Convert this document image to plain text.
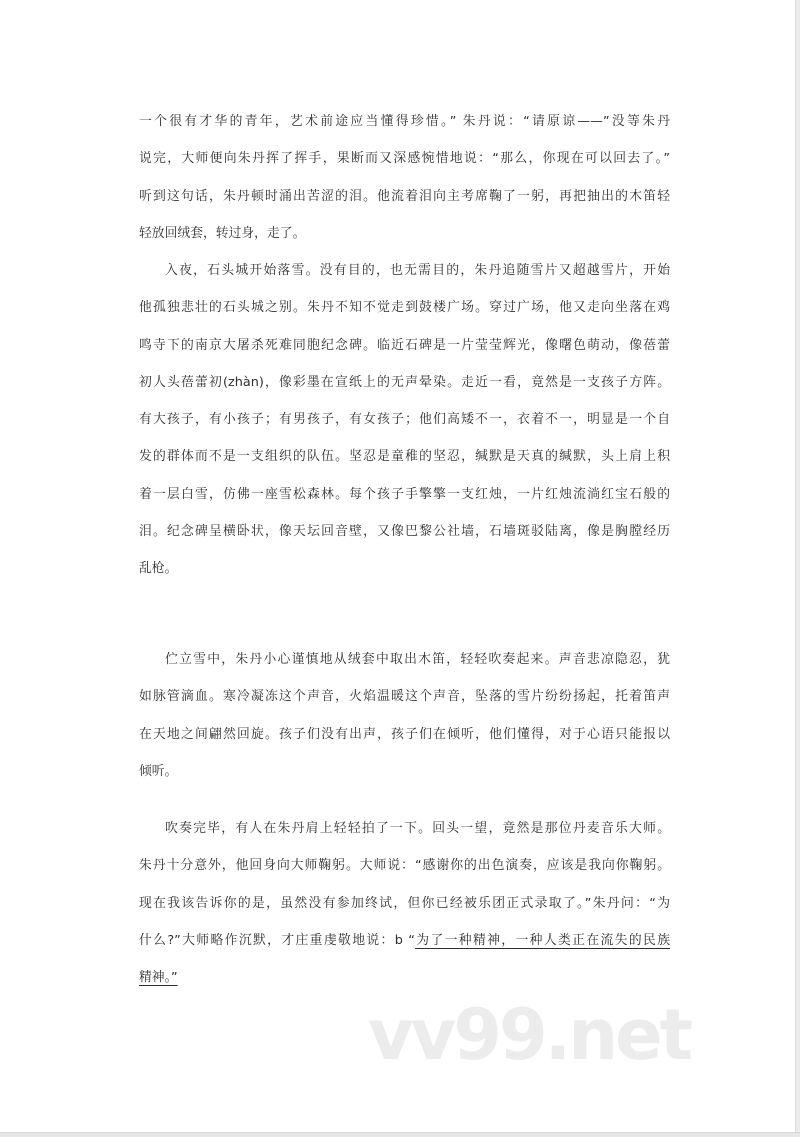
一个很有才华的青年，艺术前途应当懂得珍惜。” 朱丹说：“请原谅——”没等朱丹
说完，大师便向朱丹挥了挥手，果断而又深感惋惜地说：“那么，你现在可以回去了。”
听到这句话，朱丹顿时涌出苦涩的泪。他流着泪向主考席鞠了一躬，再把抽出的木笛轻
轻放回绒套，转过身，走了。
入夜，石头城开始落雪。没有目的，也无需目的，朱丹追随雪片又超越雪片，开始
他孤独悲壮的石头城之别。朱丹不知不觉走到鼓楼广场。穿过广场，他又走向坐落在鸡
鸣寺下的南京大屠杀死难同胞纪念碑。临近石碑是一片莹莹辉光，像曙色萌动，像蓓蕾
初人头蓓蕾初(zhàn)，像彩墨在宣纸上的无声晕染。走近一看，竟然是一支孩子方阵。
有大孩子，有小孩子；有男孩子，有女孩子；他们高矮不一，衣着不一，明显是一个自
发的群体而不是一支组织的队伍。坚忍是童稚的坚忍，缄默是天真的缄默，头上肩上积
着一层白雪，仿佛一座雪松森林。每个孩子手擎擎一支红烛，一片红烛流淌红宝石般的
泪。纪念碑呈横卧状，像天坛回音壁，又像巴黎公社墙，石墙斑驳陆离，像是胸膛经历
乱枪。
伫立雪中，朱丹小心谨慎地从绒套中取出木笛，轻轻吹奏起来。声音悲凉隐忍，犹
如脉管滴血。寒冷凝冻这个声音，火焰温暖这个声音，坠落的雪片纷纷扬起，托着笛声
在天地之间翩然回旋。孩子们没有出声，孩子们在倾听，他们懂得，对于心语只能报以
倾听。
吹奏完毕，有人在朱丹肩上轻轻拍了一下。回头一望，竟然是那位丹麦音乐大师。
朱丹十分意外，他回身向大师鞠躬。大师说：“感谢你的出色演奏，应该是我向你鞠躬。
现在我该告诉你的是，虽然没有参加终试，但你已经被乐团正式录取了。”朱丹问：“为
什么?”大师略作沉默，才庄重虔敬地说：b “为了一种精神，一种人类正在流失的民族
精神。”
vv99.net
